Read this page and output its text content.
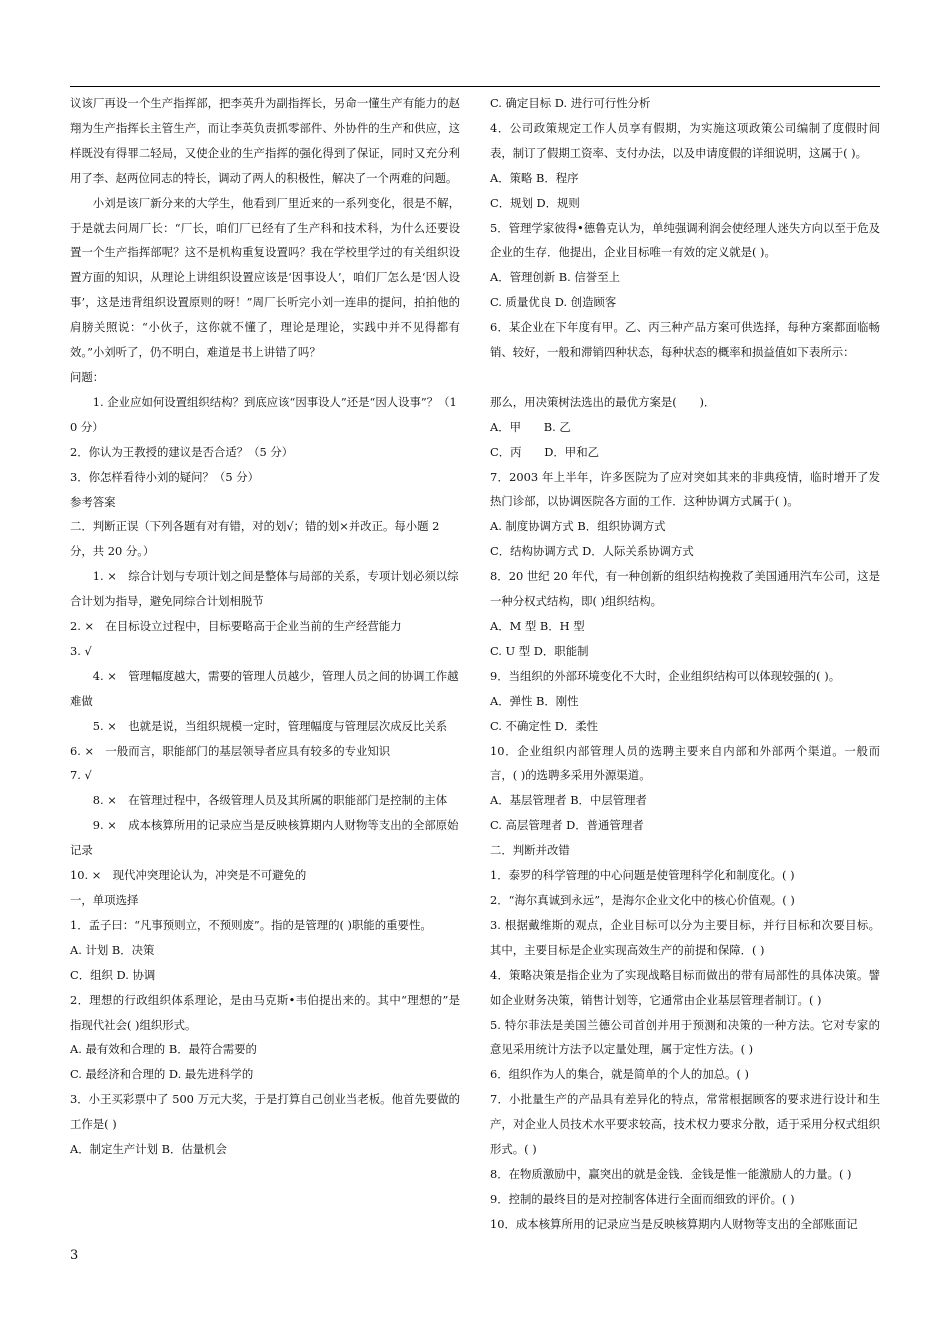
议该厂再设一个生产指挥部，把李英升为副指挥长，另命一懂生产有能力的赵翔为生产指挥长主管生产，而让李英负责抓零部件、外协件的生产和供应，这样既没有得罪二轻局，又使企业的生产指挥的强化得到了保证，同时又充分利用了李、赵两位同志的特长，调动了两人的积极性，解决了一个两难的问题。

小刘是该厂新分来的大学生，他看到厂里近来的一系列变化，很是不解，于是就去问周厂长：“厂长，咱们厂已经有了生产科和技术科，为什么还要设置一个生产指挥部呢？这不是机构重复设置吗？我在学校里学过的有关组织设置方面的知识，从理论上讲组织设置应该是‘因事设人’，咱们厂怎么是‘因人设事’，这是违背组织设置原则的呀！”周厂长听完小刘一连串的提问，拍拍他的肩膀关照说：“小伙子，这你就不懂了，理论是理论，实践中并不见得都有效。”小刘听了，仍不明白，难道是书上讲错了吗？

问题：

1. 企业应如何设置组织结构？到底应该“因事设人”还是“因人设事”？（10 分）

2．你认为王教授的建议是否合适？（5 分）

3．你怎样看待小刘的疑问？（5 分）

参考答案

二．判断正误（下列各题有对有错，对的划√；错的划×并改正。每小题 2 分，共 20 分。）

1. ×　综合计划与专项计划之间是整体与局部的关系，专项计划必须以综合计划为指导，避免同综合计划相脱节

2. ×　在目标设立过程中，目标要略高于企业当前的生产经营能力

3. √

4. ×　管理幅度越大，需要的管理人员越少，管理人员之间的协调工作越难做

5. ×　也就是说，当组织规模一定时，管理幅度与管理层次成反比关系

6. ×　一般而言，职能部门的基层领导者应具有较多的专业知识

7. √

8. ×　在管理过程中，各级管理人员及其所属的职能部门是控制的主体

9. ×　成本核算所用的记录应当是反映核算期内人财物等支出的全部原始记录

10. ×　现代冲突理论认为，冲突是不可避免的

一，单项选择

1．孟子曰：“凡事预则立，不预则废”。指的是管理的( )职能的重要性。

A. 计划 B．决策

C．组织 D. 协调

2．理想的行政组织体系理论，是由马克斯•韦伯提出来的。其中“理想的”是指现代社会( )组织形式。

A. 最有效和合理的 B．最符合需要的

C. 最经济和合理的 D. 最先进科学的

3．小王买彩票中了 500 万元大奖，于是打算自己创业当老板。他首先要做的工作是( )

A．制定生产计划 B．估量机会

C. 确定目标 D. 进行可行性分析

4．公司政策规定工作人员享有假期，为实施这项政策公司编制了度假时间表，制订了假期工资率、支付办法，以及申请度假的详细说明，这属于( )。

A．策略 B．程序

C．规划 D．规则

5．管理学家彼得•德鲁克认为，单纯强调利润会使经理人迷失方向以至于危及企业的生存．他提出，企业目标唯一有效的定义就是( )。

A．管理创新 B. 信誉至上

C. 质量优良 D. 创造顾客

6．某企业在下年度有甲。乙、丙三种产品方案可供选择，每种方案都面临畅销、较好，一般和滞销四种状态，每种状态的概率和损益值如下表所示：

那么，用决策树法选出的最优方案是(　　)．

A．甲　　B. 乙

C．丙　　D．甲和乙

7．2003 年上半年，许多医院为了应对突如其来的非典疫情，临时增开了发热门诊部，以协调医院各方面的工作．这种协调方式属于( )。

A. 制度协调方式 B．组织协调方式

C．结构协调方式 D．人际关系协调方式

8．20 世纪 20 年代，有一种创新的组织结构挽救了美国通用汽车公司，这是一种分权式结构，即( )组织结构。

A．M 型 B．H 型

C. U 型 D．职能制

9．当组织的外部环境变化不大时，企业组织结构可以体现较强的( )。

A．弹性 B．刚性

C. 不确定性 D．柔性

10．企业组织内部管理人员的选聘主要来自内部和外部两个渠道。一般而言，( )的选聘多采用外源渠道。

A．基层管理者 B．中层管理者

C. 高层管理者 D．普通管理者

二．判断并改错

1．泰罗的科学管理的中心问题是使管理科学化和制度化。( )

2．“海尔真诚到永远”，是海尔企业文化中的核心价值观。( )

3. 根据戴维斯的观点，企业目标可以分为主要目标，并行目标和次要目标。其中，主要目标是企业实现高效生产的前提和保障．( )

4．策略决策是指企业为了实现战略目标而做出的带有局部性的具体决策。譬如企业财务决策，销售计划等，它通常由企业基层管理者制订。( )

5. 特尔菲法是美国兰德公司首创并用于预测和决策的一种方法。它对专家的意见采用统计方法予以定量处理，属于定性方法。( )

6．组织作为人的集合，就是简单的个人的加总。( )

7．小批量生产的产品具有差异化的特点，常常根据顾客的要求进行设计和生产，对企业人员技术水平要求较高，技术权力要求分散，适于采用分权式组织形式。( )

8．在物质激励中，赢突出的就是金钱．金钱是惟一能激励人的力量。( )

9．控制的最终目的是对控制客体进行全面而细致的评价。( )

10．成本核算所用的记录应当是反映核算期内人财物等支出的全部账面记

3
